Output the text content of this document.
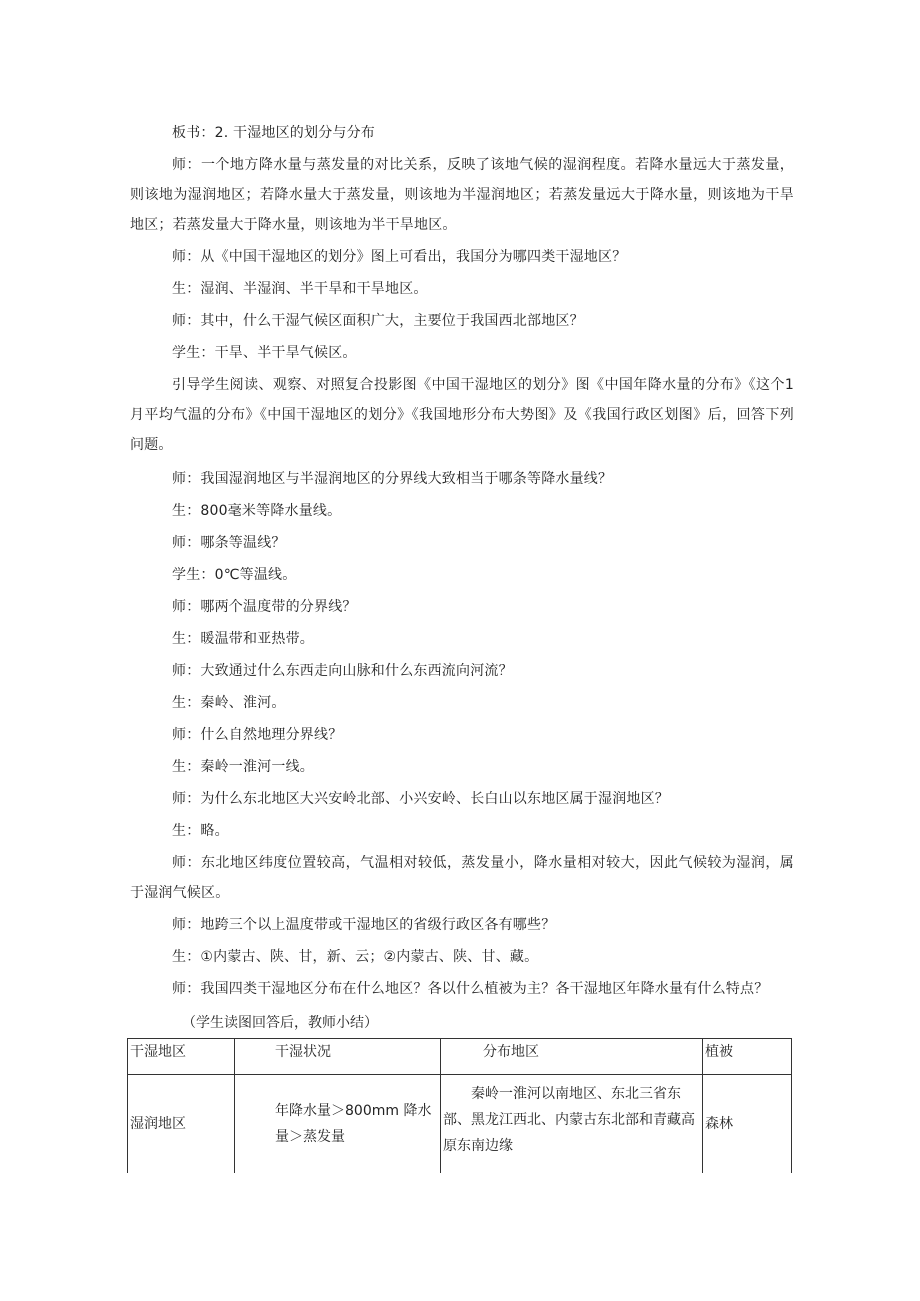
板书：2. 干湿地区的划分与分布

师：一个地方降水量与蒸发量的对比关系，反映了该地气候的湿润程度。若降水量远大于蒸发量，则该地为湿润地区；若降水量大于蒸发量，则该地为半湿润地区；若蒸发量远大于降水量，则该地为干旱地区；若蒸发量大于降水量，则该地为半干旱地区。

师：从《中国干湿地区的划分》图上可看出，我国分为哪四类干湿地区？

生：湿润、半湿润、半干旱和干旱地区。

师：其中，什么干湿气候区面积广大，主要位于我国西北部地区？

学生：干旱、半干旱气候区。

引导学生阅读、观察、对照复合投影图《中国干湿地区的划分》图《中国年降水量的分布》《这个1月平均气温的分布》《中国干湿地区的划分》《我国地形分布大势图》及《我国行政区划图》后，回答下列问题。

师：我国湿润地区与半湿润地区的分界线大致相当于哪条等降水量线？

生：800毫米等降水量线。

师：哪条等温线？

学生：0℃等温线。

师：哪两个温度带的分界线？

生：暖温带和亚热带。

师：大致通过什么东西走向山脉和什么东西流向河流？

生：秦岭、淮河。

师：什么自然地理分界线？

生：秦岭一淮河一线。

师：为什么东北地区大兴安岭北部、小兴安岭、长白山以东地区属于湿润地区？

生：略。

师：东北地区纬度位置较高，气温相对较低，蒸发量小，降水量相对较大，因此气候较为湿润，属于湿润气候区。

师：地跨三个以上温度带或干湿地区的省级行政区各有哪些？

生：①内蒙古、陕、甘，新、云；②内蒙古、陕、甘、藏。

师：我国四类干湿地区分布在什么地区？各以什么植被为主？各干湿地区年降水量有什么特点？

（学生读图回答后，教师小结）

干湿地区	干湿状况	分布地区	植被
湿润地区	年降水量＞800mm 降水量＞蒸发量	秦岭一淮河以南地区、东北三省东部、黑龙江西北、内蒙古东北部和青藏高原东南边缘	森林
